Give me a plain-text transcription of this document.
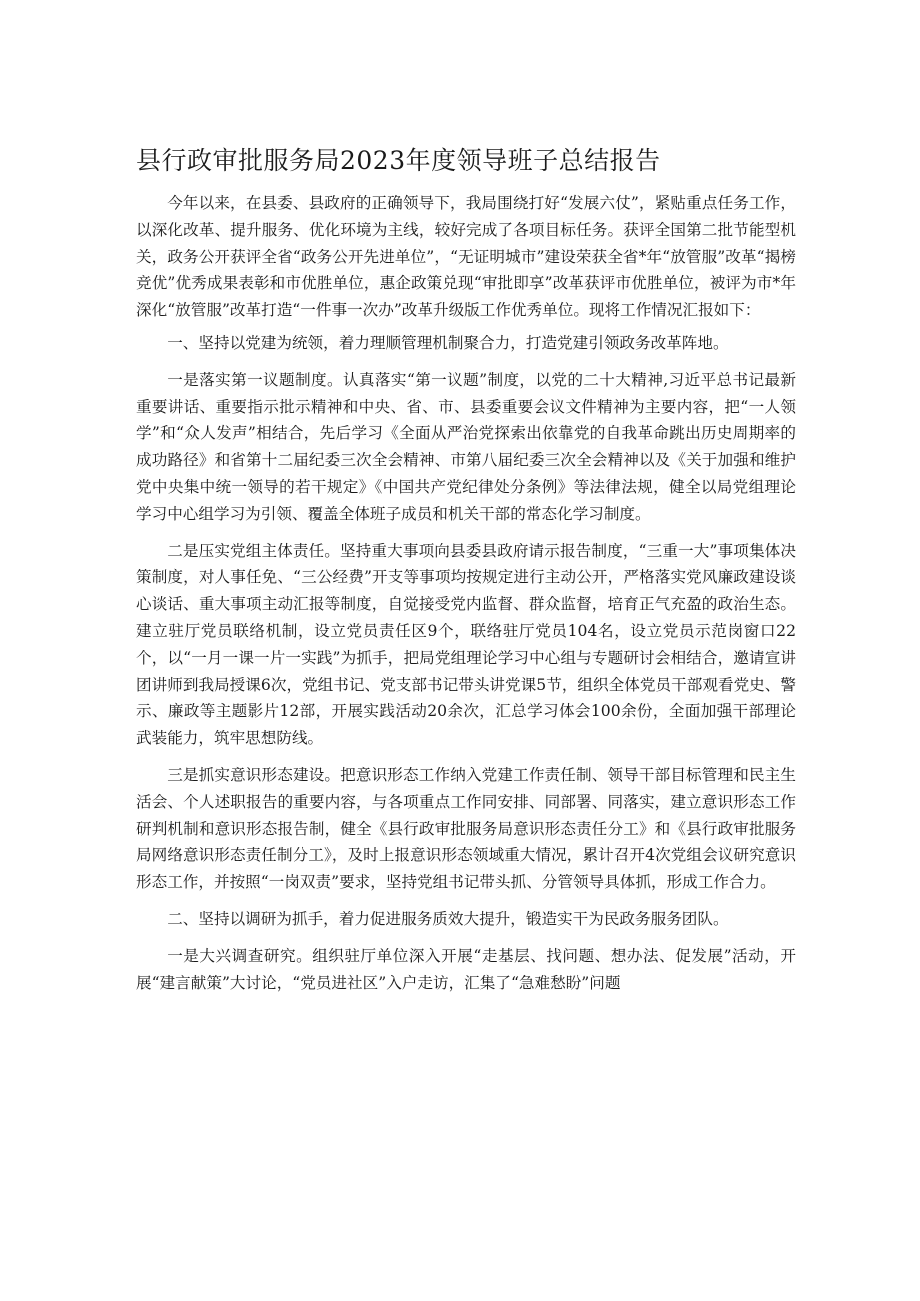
县行政审批服务局2023年度领导班子总结报告

今年以来，在县委、县政府的正确领导下，我局围绕打好“发展六仗”，紧贴重点任务工作，以深化改革、提升服务、优化环境为主线，较好完成了各项目标任务。获评全国第二批节能型机关，政务公开获评全省“政务公开先进单位”，“无证明城市”建设荣获全省*年“放管服”改革“揭榜竞优”优秀成果表彰和市优胜单位，惠企政策兑现“审批即享”改革获评市优胜单位，被评为市*年深化“放管服”改革打造“一件事一次办”改革升级版工作优秀单位。现将工作情况汇报如下：

一、坚持以党建为统领，着力理顺管理机制聚合力，打造党建引领政务改革阵地。

一是落实第一议题制度。认真落实“第一议题”制度，以党的二十大精神,习近平总书记最新重要讲话、重要指示批示精神和中央、省、市、县委重要会议文件精神为主要内容，把“一人领学”和“众人发声”相结合，先后学习《全面从严治党探索出依靠党的自我革命跳出历史周期率的成功路径》和省第十二届纪委三次全会精神、市第八届纪委三次全会精神以及《关于加强和维护党中央集中统一领导的若干规定》《中国共产党纪律处分条例》等法律法规，健全以局党组理论学习中心组学习为引领、覆盖全体班子成员和机关干部的常态化学习制度。

二是压实党组主体责任。坚持重大事项向县委县政府请示报告制度，“三重一大”事项集体决策制度，对人事任免、“三公经费”开支等事项均按规定进行主动公开，严格落实党风廉政建设谈心谈话、重大事项主动汇报等制度，自觉接受党内监督、群众监督，培育正气充盈的政治生态。建立驻厅党员联络机制，设立党员责任区9个，联络驻厅党员104名，设立党员示范岗窗口22个，以“一月一课一片一实践”为抓手，把局党组理论学习中心组与专题研讨会相结合，邀请宣讲团讲师到我局授课6次，党组书记、党支部书记带头讲党课5节，组织全体党员干部观看党史、警示、廉政等主题影片12部，开展实践活动20余次，汇总学习体会100余份，全面加强干部理论武装能力，筑牢思想防线。

三是抓实意识形态建设。把意识形态工作纳入党建工作责任制、领导干部目标管理和民主生活会、个人述职报告的重要内容，与各项重点工作同安排、同部署、同落实，建立意识形态工作研判机制和意识形态报告制，健全《县行政审批服务局意识形态责任分工》和《县行政审批服务局网络意识形态责任制分工》，及时上报意识形态领域重大情况，累计召开4次党组会议研究意识形态工作，并按照“一岗双责”要求，坚持党组书记带头抓、分管领导具体抓，形成工作合力。

二、坚持以调研为抓手，着力促进服务质效大提升，锻造实干为民政务服务团队。

一是大兴调查研究。组织驻厅单位深入开展“走基层、找问题、想办法、促发展”活动，开展“建言献策”大讨论，“党员进社区”入户走访，汇集了“急难愁盼”问题
